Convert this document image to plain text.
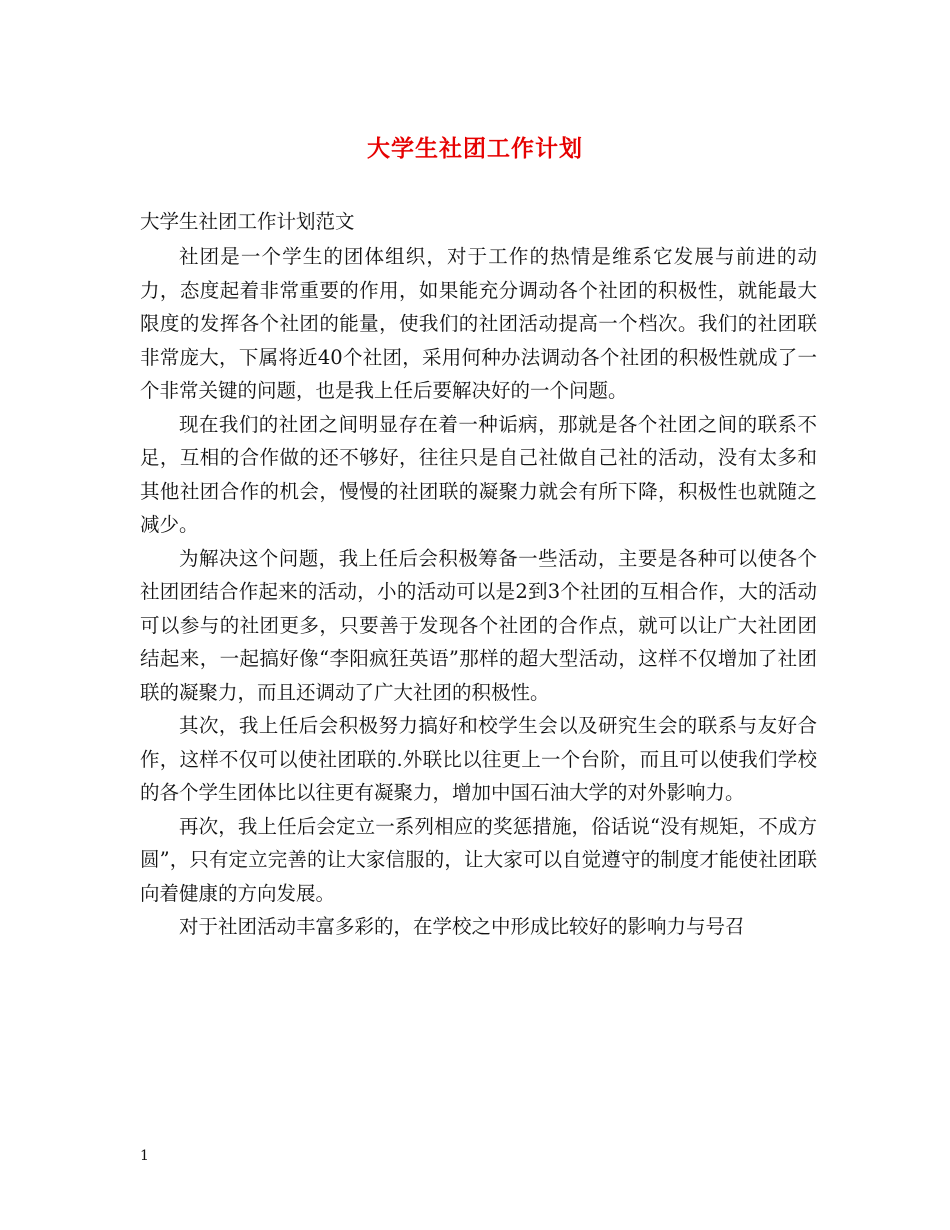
大学生社团工作计划
大学生社团工作计划范文

社团是一个学生的团体组织，对于工作的热情是维系它发展与前进的动力，态度起着非常重要的作用，如果能充分调动各个社团的积极性，就能最大限度的发挥各个社团的能量，使我们的社团活动提高一个档次。我们的社团联非常庞大，下属将近40个社团，采用何种办法调动各个社团的积极性就成了一个非常关键的问题，也是我上任后要解决好的一个问题。

现在我们的社团之间明显存在着一种诟病，那就是各个社团之间的联系不足，互相的合作做的还不够好，往往只是自己社做自己社的活动，没有太多和其他社团合作的机会，慢慢的社团联的凝聚力就会有所下降，积极性也就随之减少。

为解决这个问题，我上任后会积极筹备一些活动，主要是各种可以使各个社团团结合作起来的活动，小的活动可以是2到3个社团的互相合作，大的活动可以参与的社团更多，只要善于发现各个社团的合作点，就可以让广大社团团结起来，一起搞好像“李阳疯狂英语”那样的超大型活动，这样不仅增加了社团联的凝聚力，而且还调动了广大社团的积极性。

其次，我上任后会积极努力搞好和校学生会以及研究生会的联系与友好合作，这样不仅可以使社团联的.外联比以往更上一个台阶，而且可以使我们学校的各个学生团体比以往更有凝聚力，增加中国石油大学的对外影响力。

再次，我上任后会定立一系列相应的奖惩措施，俗话说“没有规矩，不成方圆”，只有定立完善的让大家信服的，让大家可以自觉遵守的制度才能使社团联向着健康的方向发展。

对于社团活动丰富多彩的，在学校之中形成比较好的影响力与号召

1
